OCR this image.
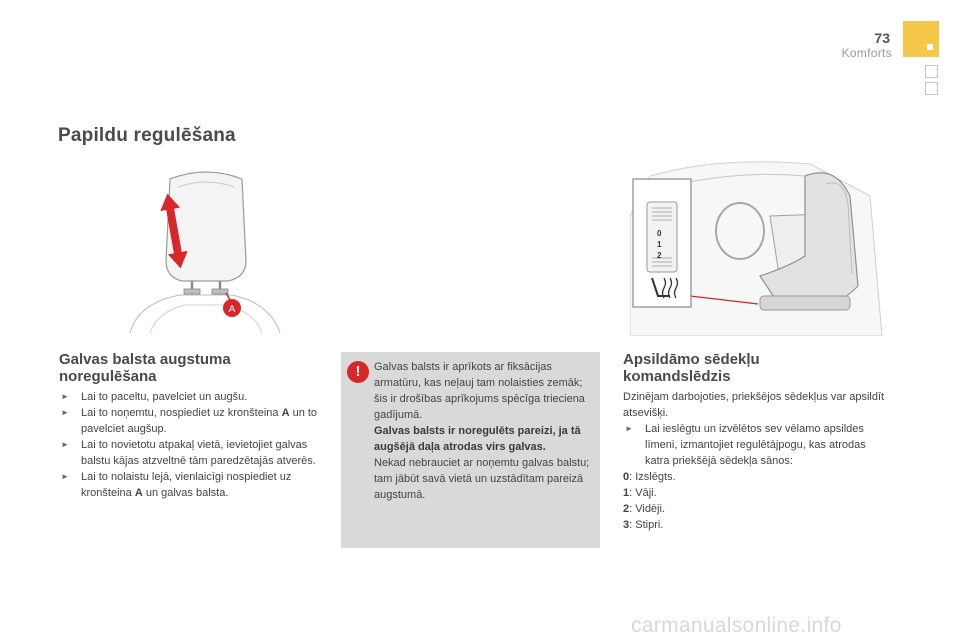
73
Komforts
Papildu regulēšana
A
0
1
2
Galvas balsta augstuma noregulēšana
► Lai to paceltu, pavelciet un augšu.
► Lai to noņemtu, nospiediet uz kronšteina A un to pavelciet augšup.
► Lai to novietotu atpakaļ vietā, ievietojiet galvas balstu kājas atzveltnē tām paredzētajās atverēs.
► Lai to nolaistu lejā, vienlaicīgi nospiediet uz kronšteina A un galvas balsta.
!	Galvas balsts ir aprīkots ar fiksācijas armatūru, kas neļauj tam nolaisties zemāk; šis ir drošības aprīkojums spēcīga trieciena gadījumā.
Galvas balsts ir noregulēts pareizi, ja tā augšējā daļa atrodas virs galvas.
Nekad nebrauciet ar noņemtu galvas balstu; tam jābūt savā vietā un uzstādītam pareizā augstumā.

Apsildāmo sēdekļu komandslēdzis

Dzinējam darbojoties, priekšējos sēdekļus var apsildīt atsevišķi.

► Lai ieslēgtu un izvēlētos sev vēlamo apsildes līmeni, izmantojiet regulētājpogu, kas atrodas katra priekšējā sēdekļa sānos:
0: Izslēgts.
1: Vāji.
2: Vidēji.
3: Stipri.
carmanualsonline.info
